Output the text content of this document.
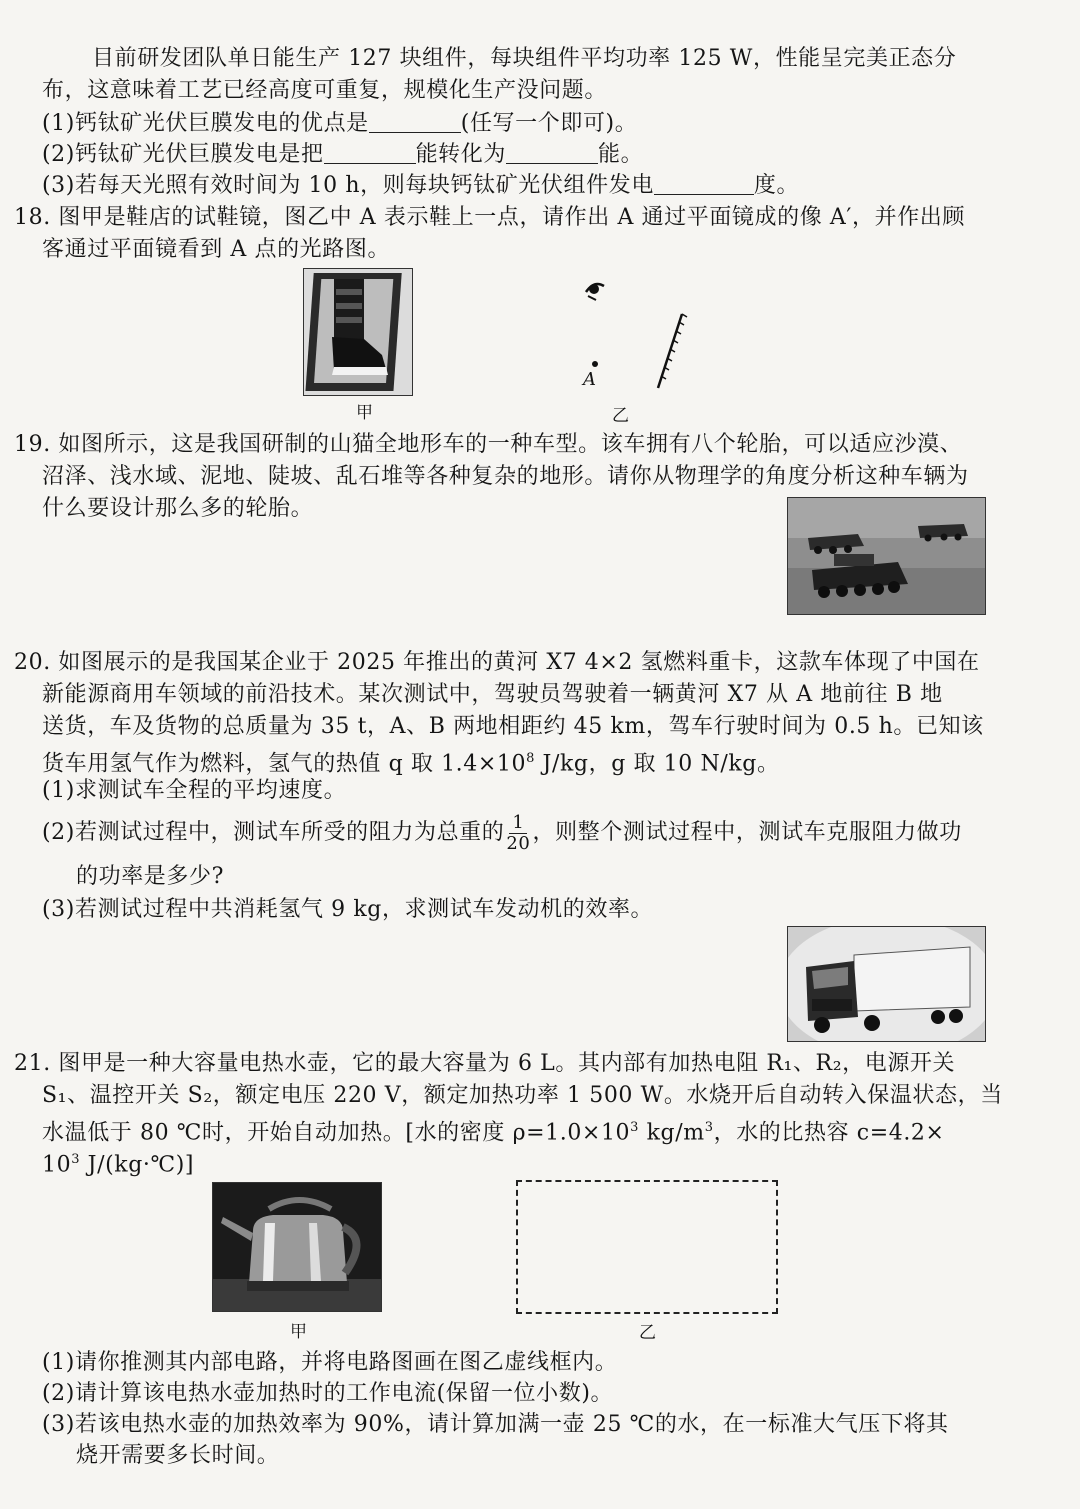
目前研发团队单日能生产 127 块组件，每块组件平均功率 125 W，性能呈完美正态分
布，这意味着工艺已经高度可重复，规模化生产没问题。
(1)钙钛矿光伏巨膜发电的优点是	(任写一个即可)。
(2)钙钛矿光伏巨膜发电是把	能转化为	能。
(3)若每天光照有效时间为 10 h，则每块钙钛矿光伏组件发电	度。
18. 图甲是鞋店的试鞋镜，图乙中 A 表示鞋上一点，请作出 A 通过平面镜成的像 A′，并作出顾
客通过平面镜看到 A 点的光路图。
甲
A
乙
19. 如图所示，这是我国研制的山猫全地形车的一种车型。该车拥有八个轮胎，可以适应沙漠、
沼泽、浅水域、泥地、陡坡、乱石堆等各种复杂的地形。请你从物理学的角度分析这种车辆为
什么要设计那么多的轮胎。
20. 如图展示的是我国某企业于 2025 年推出的黄河 X7 4×2 氢燃料重卡，这款车体现了中国在
新能源商用车领域的前沿技术。某次测试中，驾驶员驾驶着一辆黄河 X7 从 A 地前往 B 地
送货，车及货物的总质量为 35 t，A、B 两地相距约 45 km，驾车行驶时间为 0.5 h。已知该
货车用氢气作为燃料，氢气的热值 q 取 $1.4\times 10^8$ J/kg，g 取 10 N/kg。
(1)求测试车全程的平均速度。
(2)若测试过程中，测试车所受的阻力为总重的 $\frac{1}{20}$ ，则整个测试过程中，测试车克服阻力做功
的功率是多少?
(3)若测试过程中共消耗氢气 9 kg，求测试车发动机的效率。
21. 图甲是一种大容量电热水壶，它的最大容量为 6 L。其内部有加热电阻 R₁、R₂，电源开关
S₁、温控开关 S₂，额定电压 220 V，额定加热功率 1 500 W。水烧开后自动转入保温状态，当
水温低于 80 ℃时，开始自动加热。[水的密度 $\rho=1.0\times 10^3$ $kg/m^3$，水的比热容 c=4.2×
$10^3$ J/(kg·℃)]
甲	乙
(1)请你推测其内部电路，并将电路图画在图乙虚线框内。
(2)请计算该电热水壶加热时的工作电流(保留一位小数)。
(3)若该电热水壶的加热效率为 90%，请计算加满一壶 25 ℃的水，在一标准大气压下将其
烧开需要多长时间。
